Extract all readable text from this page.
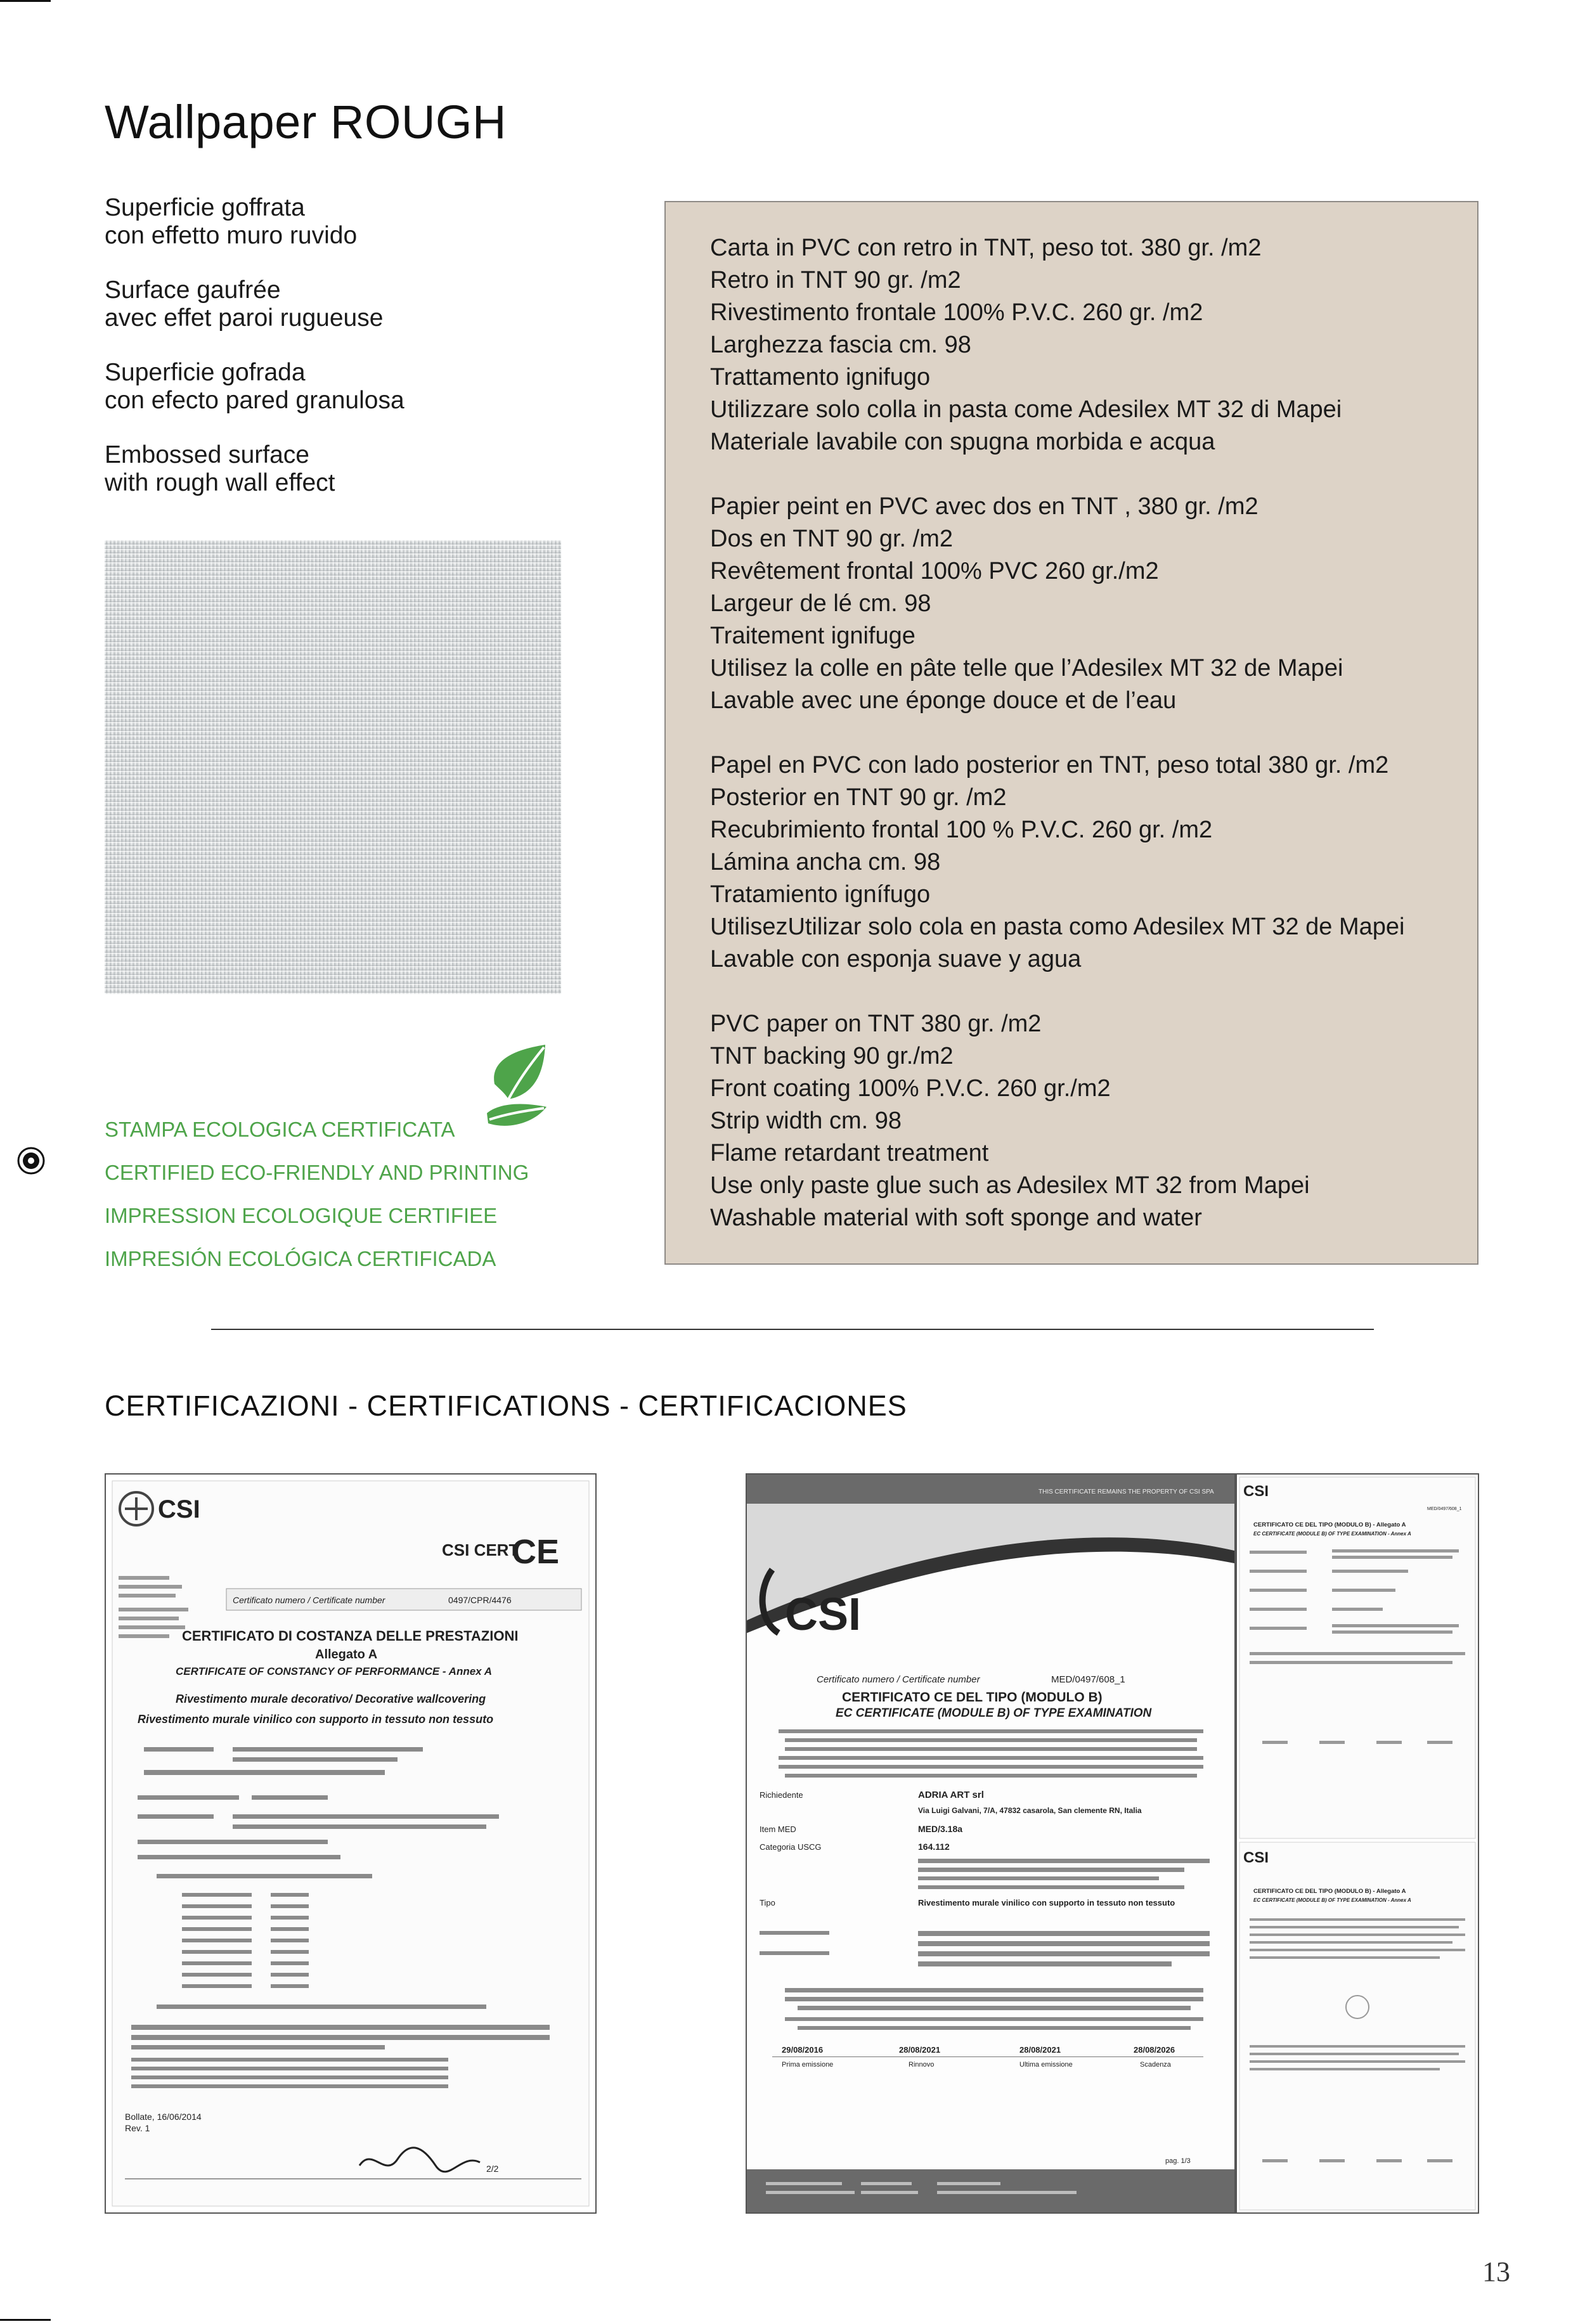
Wallpaper ROUGH

Superficie goffrata
con effetto muro ruvido

Surface gaufrée
avec effet paroi rugueuse

Superficie gofrada
con efecto pared granulosa

Embossed surface
with rough wall effect

STAMPA ECOLOGICA CERTIFICATA
CERTIFIED ECO-FRIENDLY AND PRINTING
IMPRESSION ECOLOGIQUE CERTIFIEE
IMPRESIÓN ECOLÓGICA CERTIFICADA

Carta in PVC con retro in TNT, peso tot. 380 gr. /m2
Retro in TNT 90 gr. /m2
Rivestimento frontale 100% P.V.C. 260 gr. /m2
Larghezza fascia cm. 98
Trattamento ignifugo
Utilizzare solo colla in pasta come Adesilex MT 32 di Mapei
Materiale lavabile con spugna morbida e acqua

Papier peint en PVC avec dos en TNT , 380 gr. /m2
Dos en TNT 90 gr. /m2
Revêtement frontal 100% PVC 260 gr./m2
Largeur de lé cm. 98
Traitement ignifuge
Utilisez la colle en pâte telle que l’Adesilex MT 32 de Mapei
Lavable avec une éponge douce et de l’eau

Papel en PVC con lado posterior en TNT, peso total 380 gr. /m2
Posterior en TNT 90 gr. /m2
Recubrimiento frontal 100 % P.V.C. 260 gr. /m2
Lámina ancha cm. 98
Tratamiento ignífugo
UtilisezUtilizar solo cola en pasta como Adesilex MT 32 de Mapei
Lavable con esponja suave y agua

PVC paper on TNT 380 gr. /m2
TNT backing 90 gr./m2
Front coating 100% P.V.C. 260 gr./m2
Strip width cm. 98
Flame retardant treatment
Use only paste glue such as Adesilex MT 32 from Mapei
Washable material with soft sponge and water

CERTIFICAZIONI - CERTIFICATIONS - CERTIFICACIONES
CSI
CSI CERT
CE
Certificato numero / Certificate number	0497/CPR/4476
CERTIFICATO DI COSTANZA DELLE PRESTAZIONI
Allegato A
CERTIFICATE OF CONSTANCY OF PERFORMANCE - Annex A
Rivestimento murale decorativo/ Decorative wallcovering
Rivestimento murale vinilico con supporto in tessuto non tessuto
Bollate, 16/06/2014
Rev. 1
2/2
THIS CERTIFICATE REMAINS THE PROPERTY OF CSI SPA
CSI
Certificato numero / Certificate number	MED/0497/608_1
CERTIFICATO CE DEL TIPO (MODULO B)
EC CERTIFICATE (MODULE B) OF TYPE EXAMINATION
Richiedente	ADRIA ART srl
Via Luigi Galvani, 7/A, 47832 casarola, San clemente RN, Italia
Item MED	MED/3.18a
Categoria USCG	164.112
Tipo	Rivestimento murale vinilico con supporto in tessuto non tessuto
29/08/2016	28/08/2021	28/08/2021	28/08/2026
Prima emissione	Rinnovo	Ultima emissione	Scadenza
pag. 1/3
CSI
MED/0497/608_1
CERTIFICATO CE DEL TIPO (MODULO B) - Allegato A
EC CERTIFICATE (MODULE B) OF TYPE EXAMINATION - Annex A
CSI
CERTIFICATO CE DEL TIPO (MODULO B) - Allegato A
EC CERTIFICATE (MODULE B) OF TYPE EXAMINATION - Annex A
13
